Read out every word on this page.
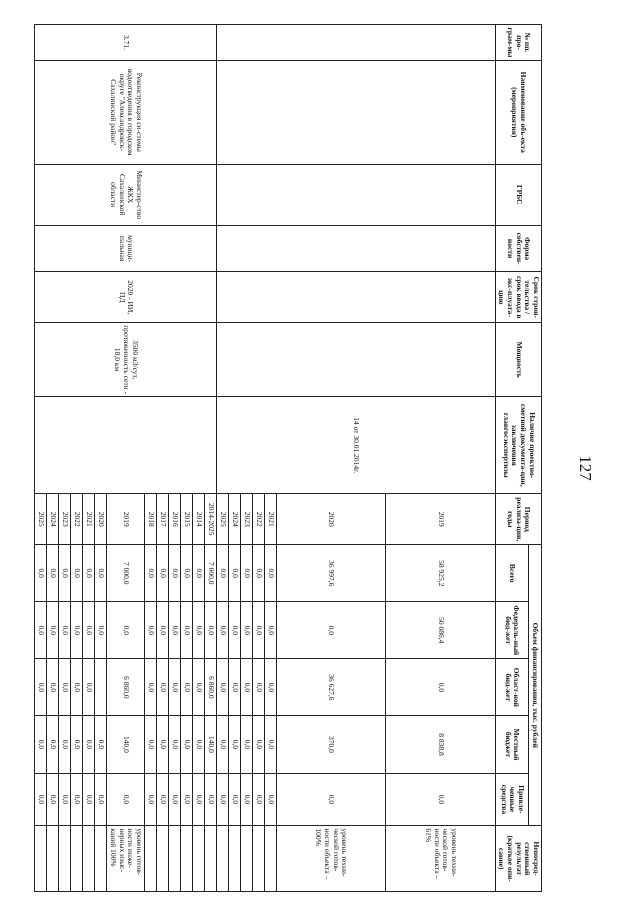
127
№ пп. про-грам-мы	Наименование объ-екта (мероприятия)	ГРБС	Форма собствен-ности	Срок строи-тельства / срок ввода в экс-плуата-цию	Мощность	Наличие проектно-сметной документа-ции, заключения главгосэкспертизы	Период реализа-ции, годы	Объем финансирования, тыс. рублей					Непосред-ственный результат (краткое опи-сание)
								Всего	Федераль-ный бюд-жет	Област-ной бюд-жет	Местный бюджет	Привле-ченные средства	
						14 от 30.01.2014г.	2019	58 925,2	50 086,4	0,0	8 838,8	0,0	уровень техни-ческой готов-ности объекта – 61%
							2020	36 997,6	0,0	36 627,6	370,0	0,0	уровень техни-ческой готов-ности объекта – 100%
							2021	0,0	0,0	0,0	0,0	0,0	
							2022	0,0	0,0	0,0	0,0	0,0	
							2023	0,0	0,0	0,0	0,0	0,0	
							2024	0,0	0,0	0,0	0,0	0,0	
							2025	0,0	0,0	0,0	0,0	0,0	
3.71.	Реконструкция си-стемы водоотведения в городском округе "Александровск-Сахалинский район"	Министер-ство ЖКХ Сахалинской области	муници-пальная	2020 - ИИ, ПД	3500 м3/сут, протяженность сети - 18,0 км		2014-2025	7 000,0	0,0	6 860,0	140,0	0,0	
							2014	0,0	0,0	0,0	0,0	0,0	
							2015	0,0	0,0	0,0	0,0	0,0	
							2016	0,0	0,0	0,0	0,0	0,0	
							2017	0,0	0,0	0,0	0,0	0,0	
							2018	0,0	0,0	0,0	0,0	0,0	
							2019	7 000,0	0,0	6 860,0	140,0	0,0	уровень готов-ности инже-нерных изыс-каний 100%
							2020	0,0	0,0		0,0	0,0	
							2021	0,0	0,0	0,0	0,0	0,0	
							2022	0,0	0,0	0,0	0,0	0,0	
							2023	0,0	0,0	0,0	0,0	0,0	
							2024	0,0	0,0	0,0	0,0	0,0	
							2025	0,0	0,0	0,0	0,0	0,0	
